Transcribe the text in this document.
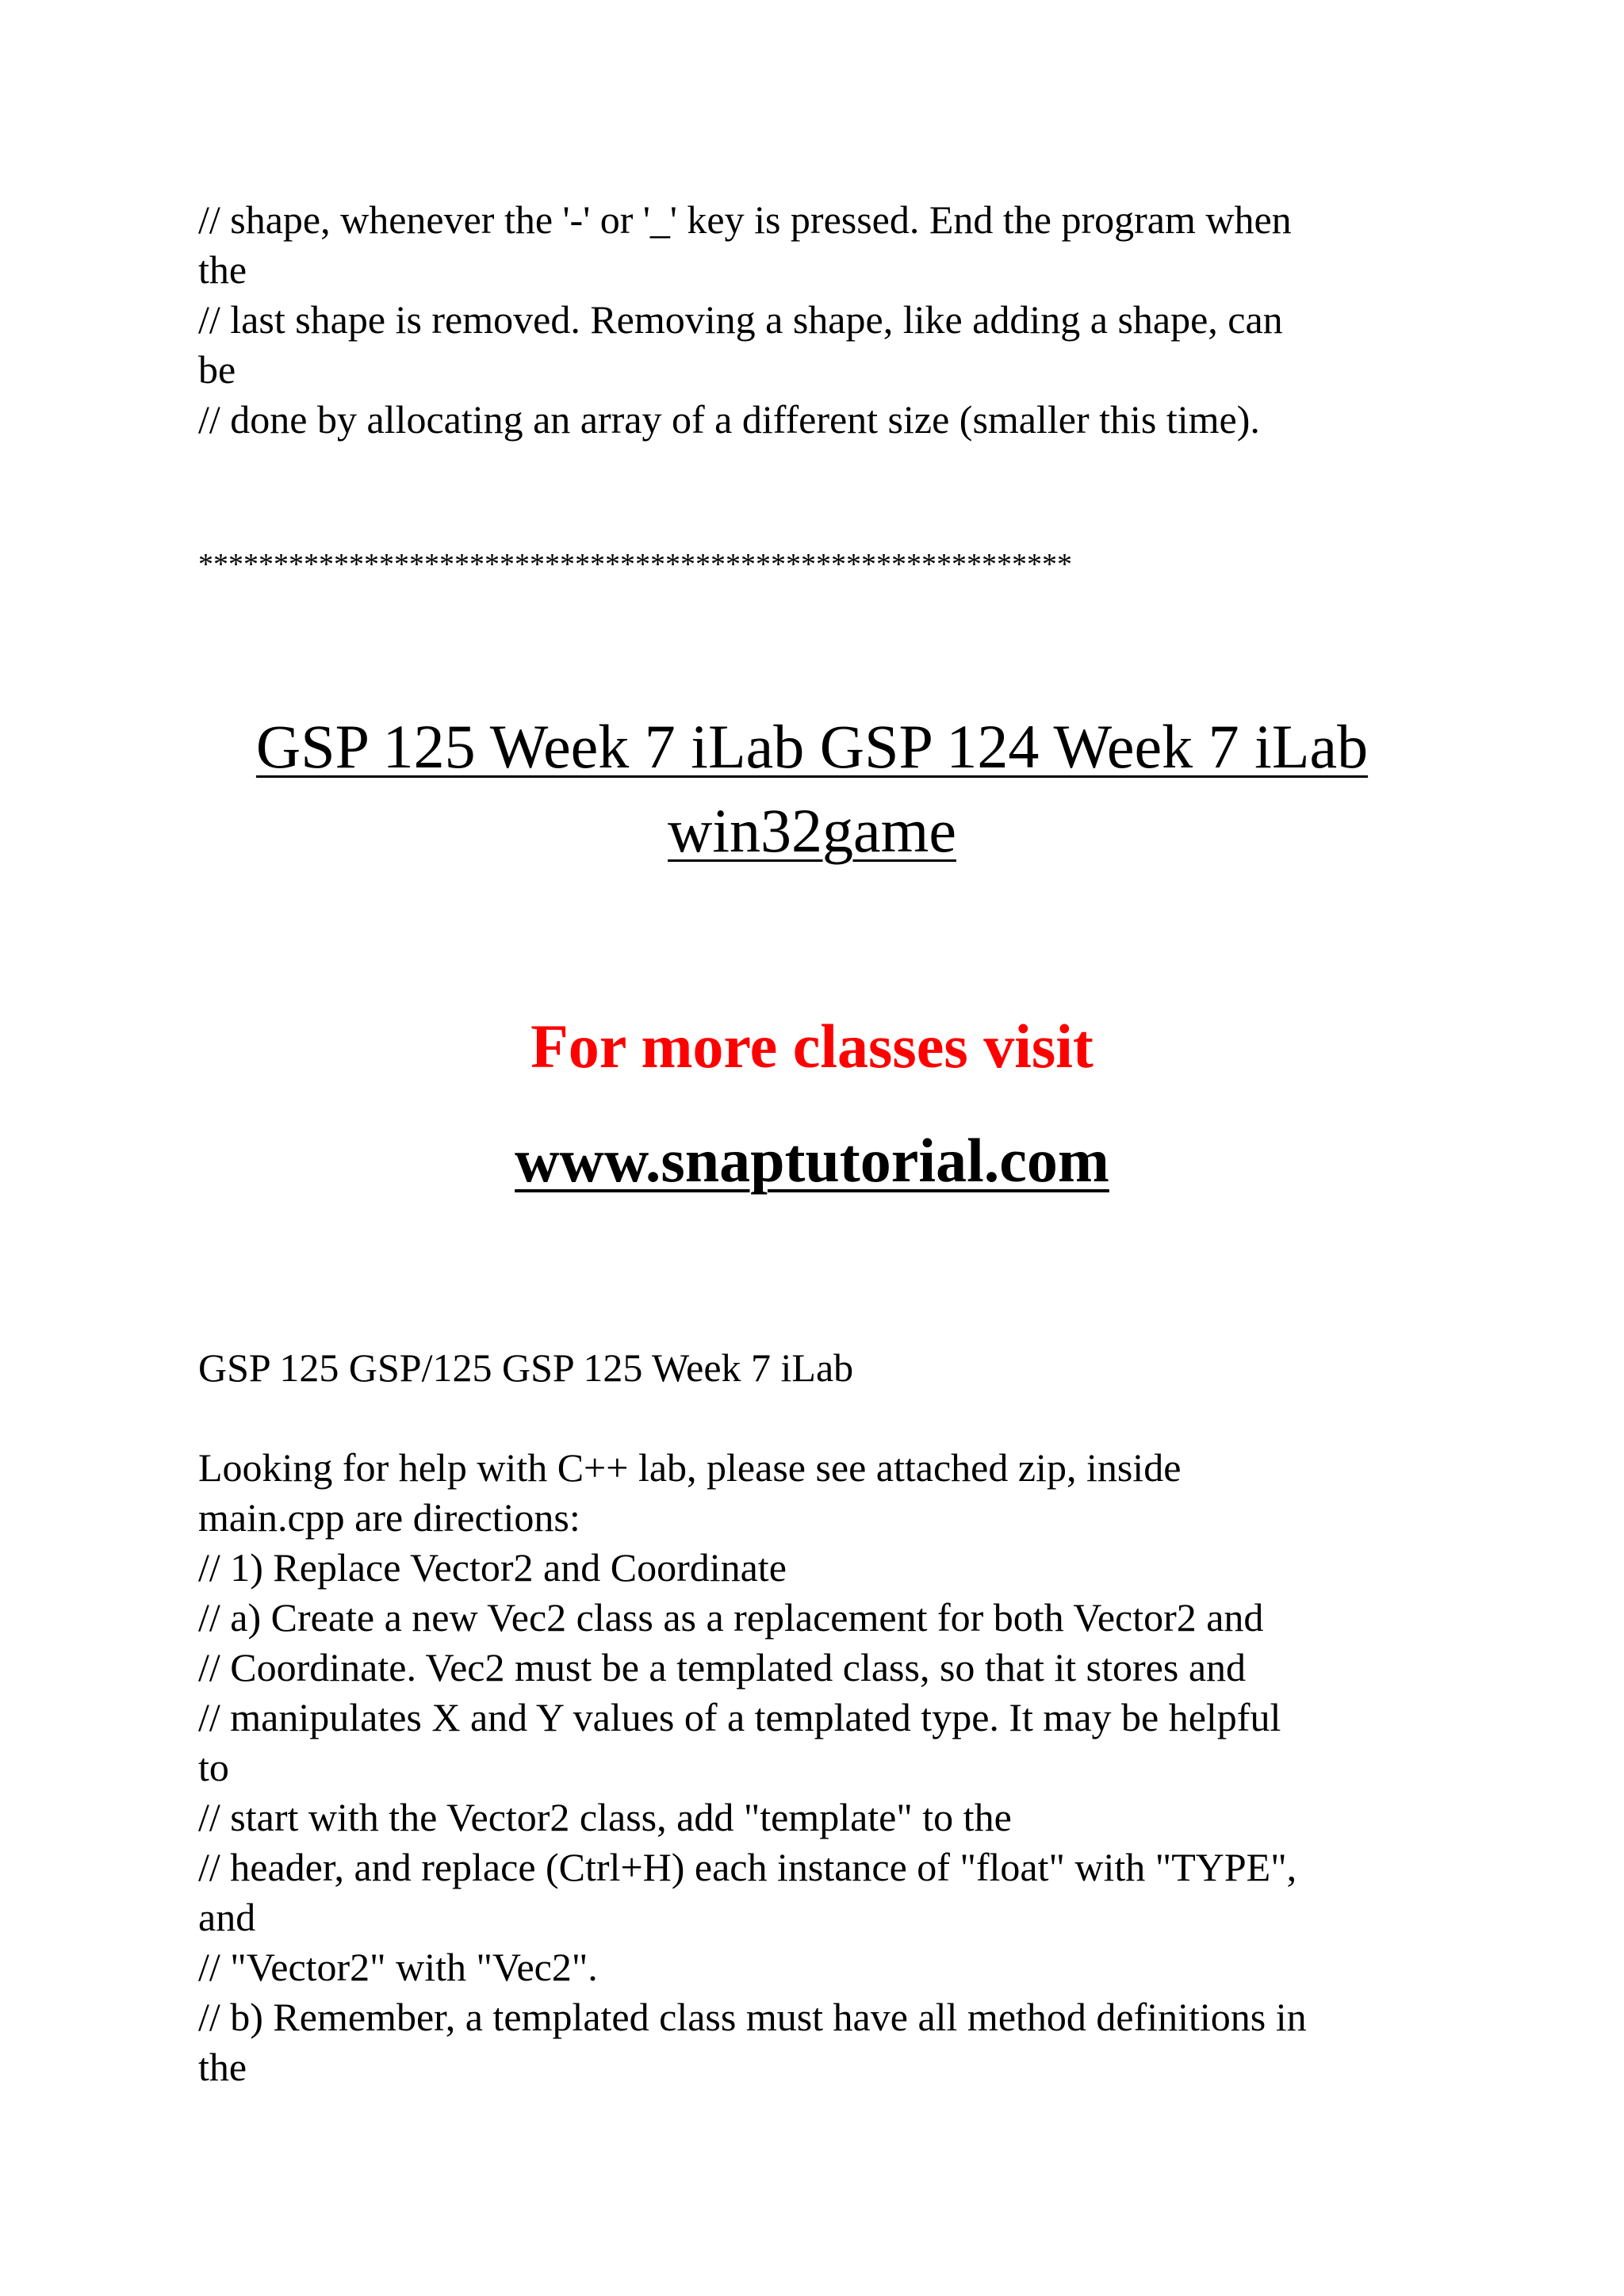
// shape, whenever the '-' or '_' key is pressed. End the program when
the
// last shape is removed. Removing a shape, like adding a shape, can
be
// done by allocating an array of a different size (smaller this time).
**********************************************************
GSP 125 Week 7 iLab GSP 124 Week 7 iLab
win32game
For more classes visit
www.snaptutorial.com
GSP 125 GSP/125 GSP 125 Week 7 iLab
Looking for help with C++ lab, please see attached zip, inside
main.cpp are directions:
// 1) Replace Vector2 and Coordinate
// a) Create a new Vec2 class as a replacement for both Vector2 and
// Coordinate. Vec2 must be a templated class, so that it stores and
// manipulates X and Y values of a templated type. It may be helpful
to
// start with the Vector2 class, add "template" to the
// header, and replace (Ctrl+H) each instance of "float" with "TYPE",
and
// "Vector2" with "Vec2".
// b) Remember, a templated class must have all method definitions in
the
